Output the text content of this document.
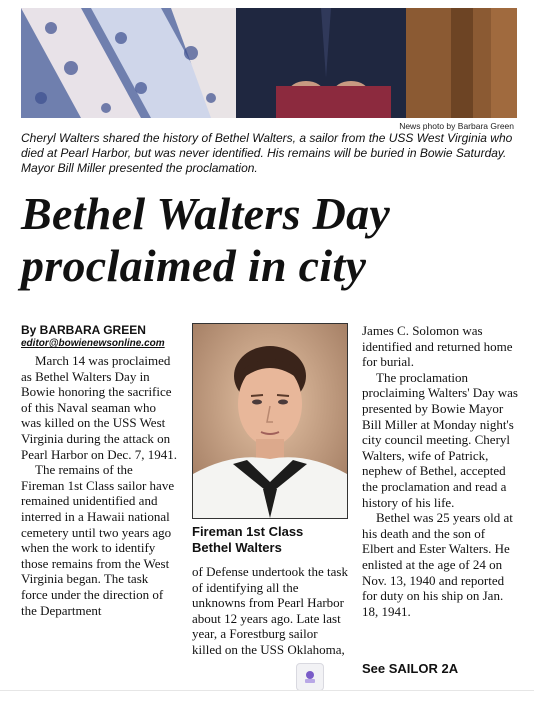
News photo by Barbara Green
Cheryl Walters shared the history of Bethel Walters, a sailor from the USS West Virginia who died at Pearl Harbor, but was never identified. His remains will be buried in Bowie Saturday. Mayor Bill Miller presented the proclamation.
Bethel Walters Day
proclaimed in city
By BARBARA GREEN
editor@bowienewsonline.com

March 14 was proclaimed as Bethel Walters Day in Bowie honoring the sacrifice of this Naval seaman who was killed on the USS West Virginia during the attack on Pearl Harbor on Dec. 7, 1941.

The remains of the Fireman 1st Class sailor have remained unidentified and interred in a Hawaii national cemetery until two years ago when the work to identify those remains from the West Virginia began. The task force under the direction of the Department

Fireman 1st Class
Bethel Walters

of Defense undertook the task of identifying all the unknowns from Pearl Harbor about 12 years ago. Late last year, a Forestburg sailor killed on the USS Oklahoma,

James C. Solomon was identified and returned home for burial.

The proclamation proclaiming Walters' Day was presented by Bowie Mayor Bill Miller at Monday night's city council meeting. Cheryl Walters, wife of Patrick, nephew of Bethel, accepted the proclamation and read a history of his life.

Bethel was 25 years old at his death and the son of Elbert and Ester Walters. He enlisted at the age of 24 on Nov. 13, 1940 and reported for duty on his ship on Jan. 18, 1941.

See SAILOR 2A
